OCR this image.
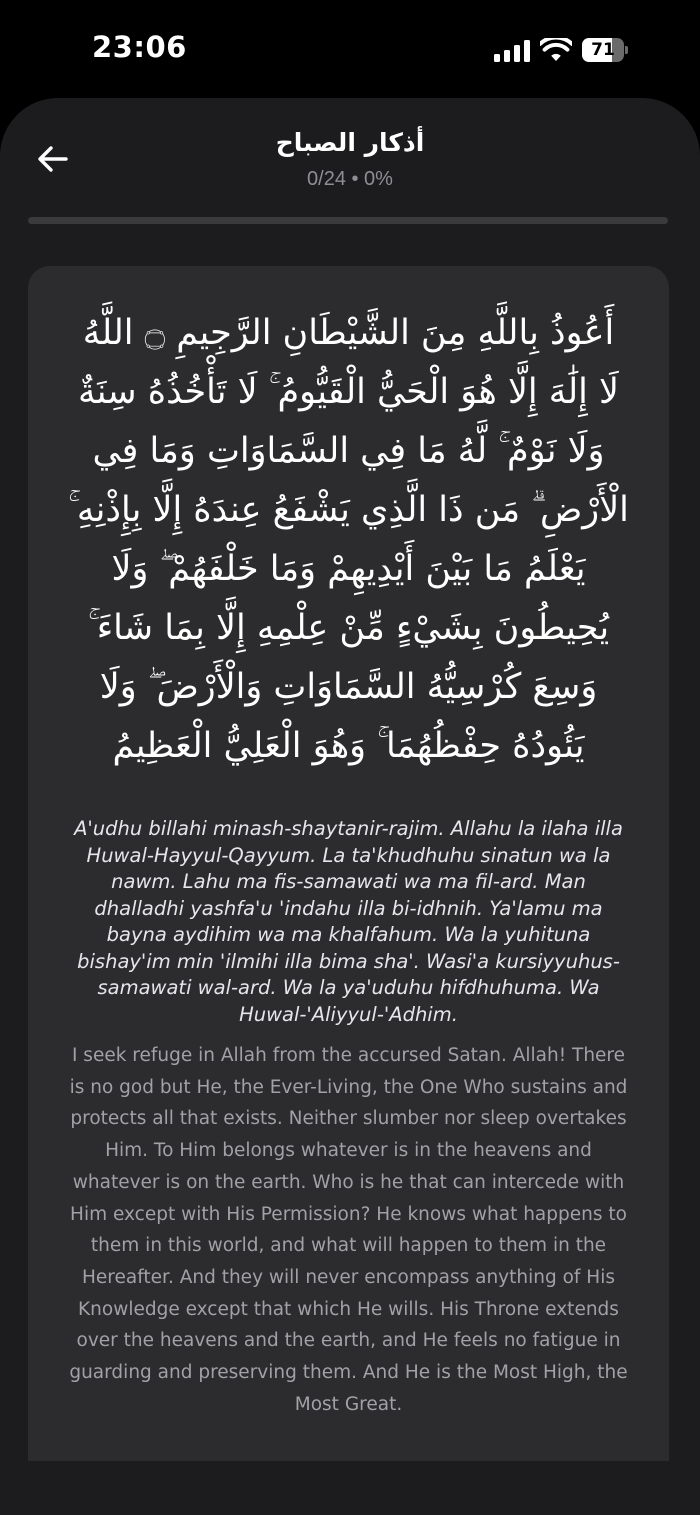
23:06	71
أذكار الصباح
0/24 • 0%
أَعُوذُ بِاللَّهِ مِنَ الشَّيْطَانِ الرَّجِيمِ ۝ اللَّهُ لَا إِلَٰهَ إِلَّا هُوَ الْحَيُّ الْقَيُّومُ ۚ لَا تَأْخُذُهُ سِنَةٌ وَلَا نَوْمٌ ۚ لَّهُ مَا فِي السَّمَاوَاتِ وَمَا فِي الْأَرْضِ ۗ مَن ذَا الَّذِي يَشْفَعُ عِندَهُ إِلَّا بِإِذْنِهِ ۚ يَعْلَمُ مَا بَيْنَ أَيْدِيهِمْ وَمَا خَلْفَهُمْ ۖ وَلَا يُحِيطُونَ بِشَيْءٍ مِّنْ عِلْمِهِ إِلَّا بِمَا شَاءَ ۚ وَسِعَ كُرْسِيُّهُ السَّمَاوَاتِ وَالْأَرْضَ ۖ وَلَا يَئُودُهُ حِفْظُهُمَا ۚ وَهُوَ الْعَلِيُّ الْعَظِيمُ
A'udhu billahi minash-shaytanir-rajim. Allahu la ilaha illa Huwal-Hayyul-Qayyum. La ta'khudhuhu sinatun wa la nawm. Lahu ma fis-samawati wa ma fil-ard. Man dhalladhi yashfa'u 'indahu illa bi-idhnih. Ya'lamu ma bayna aydihim wa ma khalfahum. Wa la yuhituna bishay'im min 'ilmihi illa bima sha'. Wasi'a kursiyyuhus-samawati wal-ard. Wa la ya'uduhu hifdhuhuma. Wa Huwal-'Aliyyul-'Adhim.
I seek refuge in Allah from the accursed Satan. Allah! There is no god but He, the Ever-Living, the One Who sustains and protects all that exists. Neither slumber nor sleep overtakes Him. To Him belongs whatever is in the heavens and whatever is on the earth. Who is he that can intercede with Him except with His Permission? He knows what happens to them in this world, and what will happen to them in the Hereafter. And they will never encompass anything of His Knowledge except that which He wills. His Throne extends over the heavens and the earth, and He feels no fatigue in guarding and preserving them. And He is the Most High, the Most Great.
